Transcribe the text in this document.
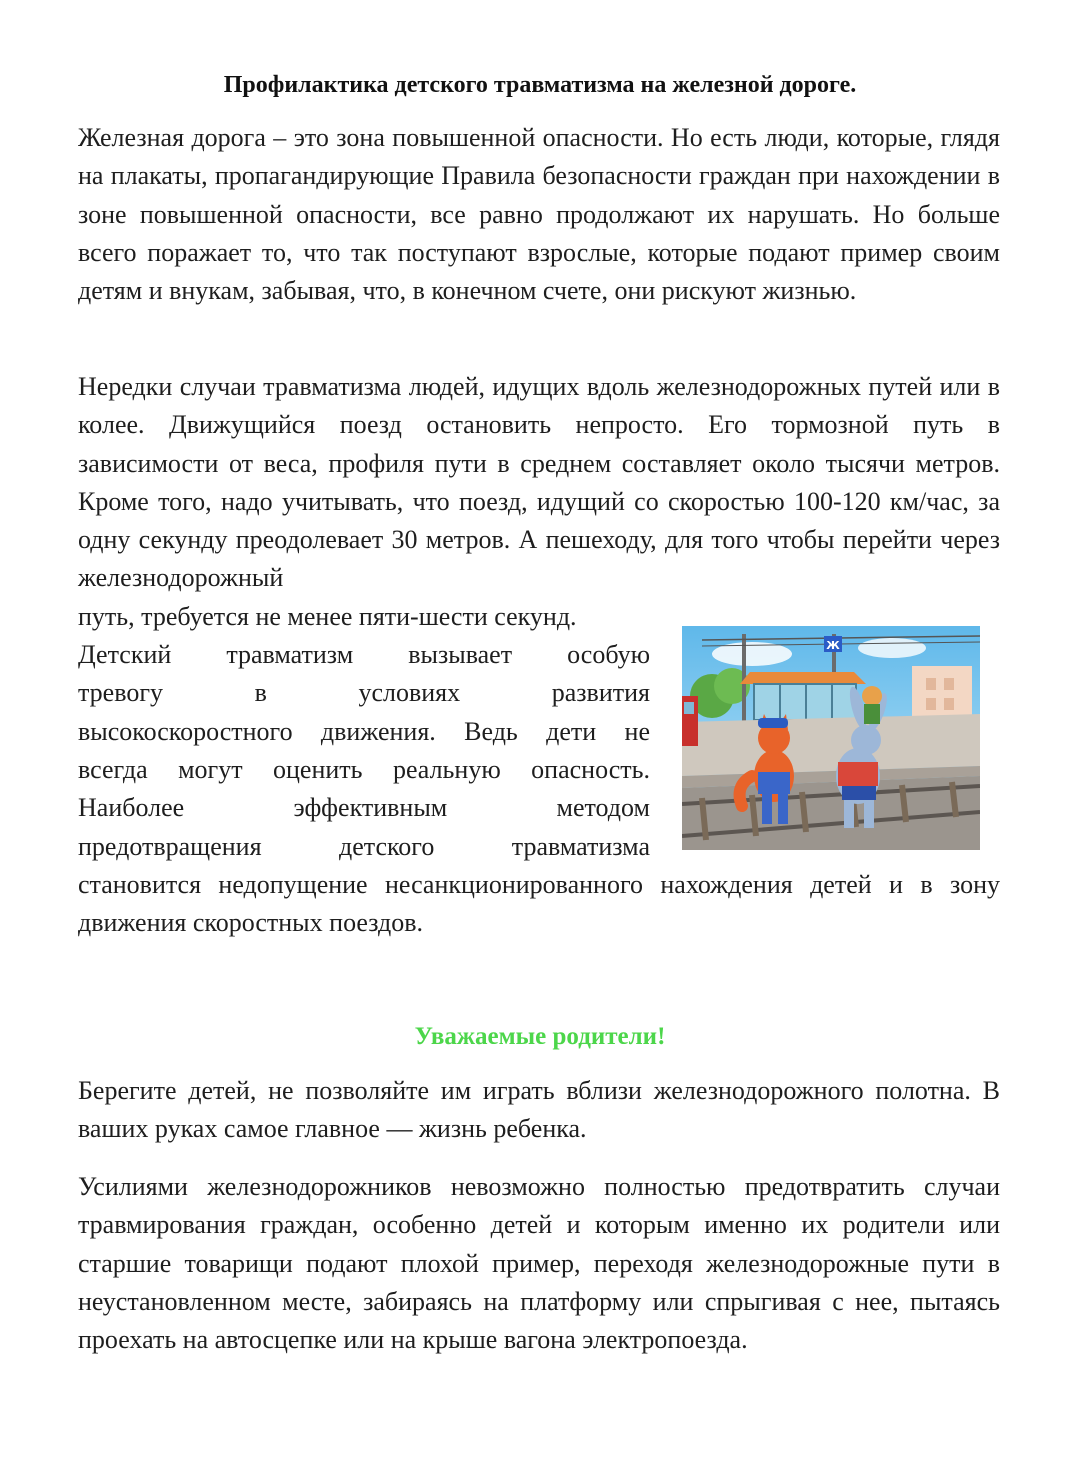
Профилактика детского травматизма на железной дороге.

Железная дорога – это зона повышенной опасности. Но есть люди, которые, глядя на плакаты, пропагандирующие Правила безопасности граждан при нахождении в зоне повышенной опасности, все равно продолжают их нарушать. Но больше всего поражает то, что так поступают взрослые, которые подают пример своим детям и внукам, забывая, что, в конечном счете, они рискуют жизнью.

Нередки случаи травматизма людей, идущих вдоль железнодорожных путей или в колее. Движущийся поезд остановить непросто. Его тормозной путь в зависимости от веса, профиля пути в среднем составляет около тысячи метров. Кроме того, надо учитывать, что поезд, идущий со скоростью 100-120 км/час, за одну секунду преодолевает 30 метров. А пешеходу, для того чтобы перейти через железнодорожный

путь, требуется не менее пяти-шести секунд.

Детский травматизм вызывает особую

тревогу в условиях развития

высокоскоростного движения. Ведь дети не

всегда могут оценить реальную опасность.

Наиболее эффективным методом

предотвращения детского травматизма

становится недопущение несанкционированного нахождения детей и в зону движения скоростных поездов.

Ж
Уважаемые родители!

Берегите детей, не позволяйте им играть вблизи железнодорожного полотна. В ваших руках самое главное — жизнь ребенка.

Усилиями железнодорожников невозможно полностью предотвратить случаи травмирования граждан, особенно детей и которым именно их родители или старшие товарищи подают плохой пример, переходя железнодорожные пути в неустановленном месте, забираясь на платформу или спрыгивая с нее, пытаясь проехать на автосцепке или на крыше вагона электропоезда.
